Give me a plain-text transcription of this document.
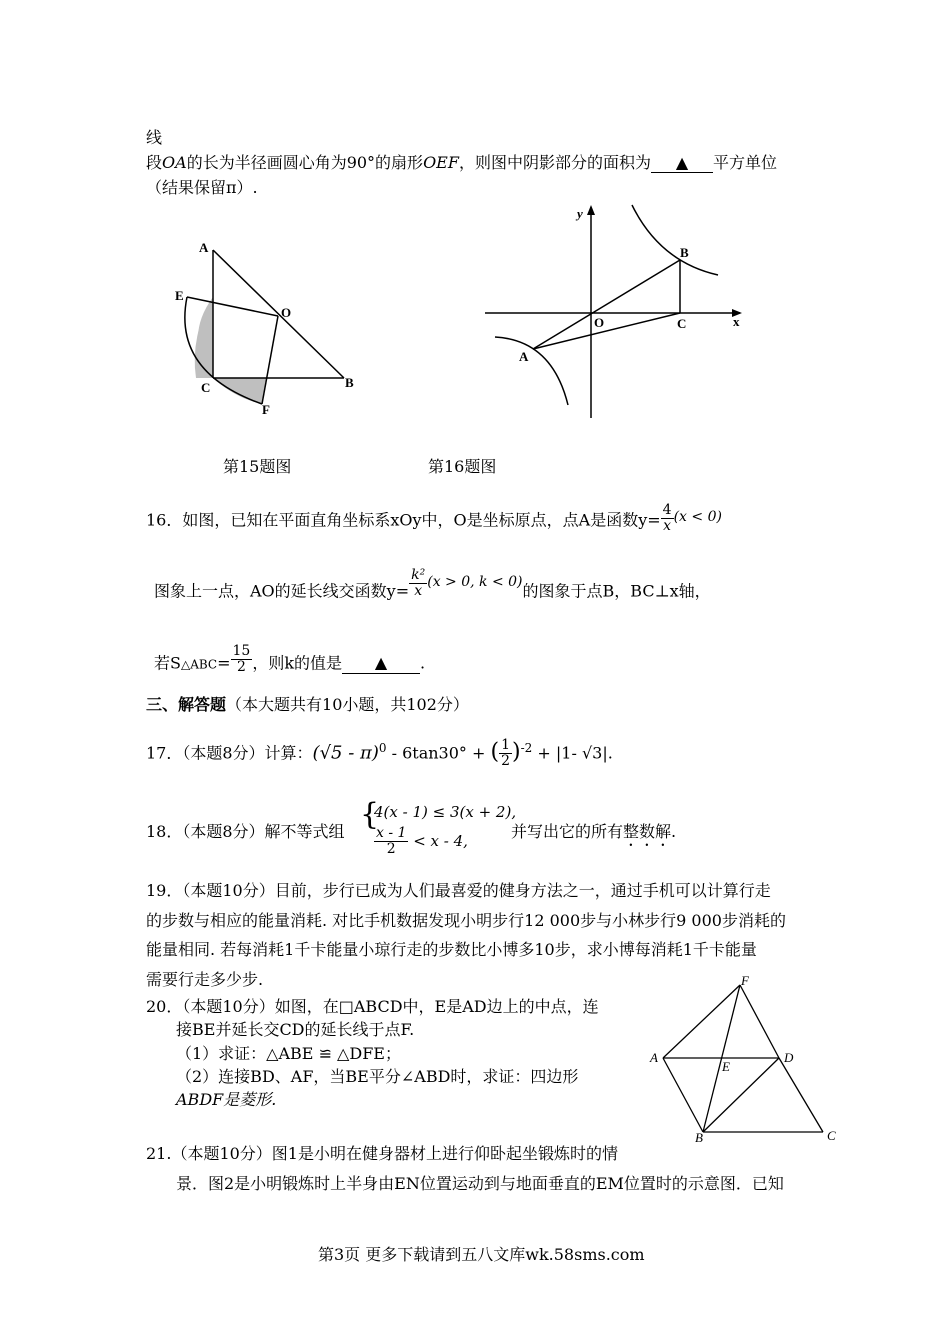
线
段OA的长为半径画圆心角为90°的扇形OEF，则图中阴影部分的面积为 ▲ 平方单位
（结果保留π）.
A
E
O
C
F
B
y
x
O
A
B
C
F
A	D
E
B	C
第15题图	第16题图
16．如图，已知在平面直角坐标系xOy中，O是坐标原点，点A是函数$y= \frac{4}{x} (x < 0)$
图象上一点，AO的延长线交函数$y= \frac{\text{k²}}{x} (x > 0$, k < 0)的图象于点B，BC⊥x轴，
若S△ABC= $\frac{15}{2}$ ，则k的值是 ▲ .
三、解答题（本大题共有10小题，共102分）
17．（本题8分）计算：(√5 - π)$^0$ - 6tan30° + ( $\frac{1}{2} )^{-2} + |1-$ √3|.
18．（本题8分）解不等式组 {
4(x - 1) ≤ 3(x + 2),
$\frac{x - 1}{2} < x - 4$,	并写出它的所有整数解.
19．（本题10分）目前，步行已成为人们最喜爱的健身方法之一，通过手机可以计算行走
的步数与相应的能量消耗. 对比手机数据发现小明步行12 000步与小林步行9 000步消耗的
能量相同. 若每消耗1千卡能量小琼行走的步数比小博多10步，求小博每消耗1千卡能量
需要行走多少步.
20．（本题10分）如图，在□ABCD中，E是AD边上的中点，连
接BE并延长交CD的延长线于点F.
（1）求证：△ABE ≌ △DFE；
（2）连接BD、AF，当BE平分∠ABD时，求证：四边形
ABDF是菱形.
21.（本题10分）图1是小明在健身器材上进行仰卧起坐锻炼时的情
景．图2是小明锻炼时上半身由EN位置运动到与地面垂直的EM位置时的示意图．已知
第3页 更多下载请到五八文库wk.58sms.com
